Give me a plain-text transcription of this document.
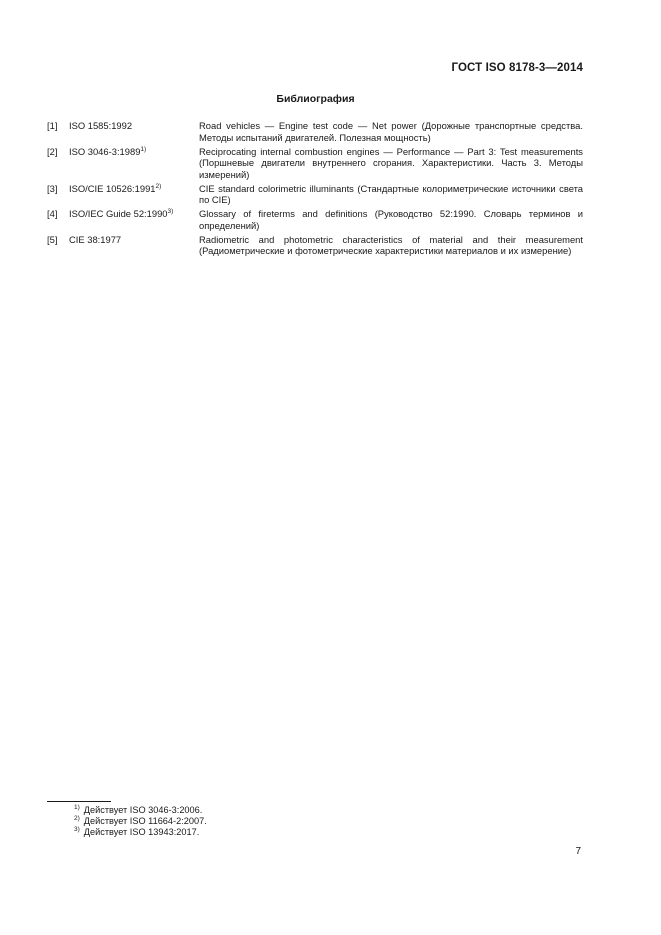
ГОСТ ISO 8178-3—2014
Библиография
[1] ISO 1585:1992	Road vehicles — Engine test code — Net power (Дорожные транспортные средства. Методы испытаний двигателей. Полезная мощность)
[2] ISO 3046-3:1989$^{1)}$	Reciprocating internal combustion engines — Performance — Part 3: Test measurements (Поршневые двигатели внутреннего сгорания. Характеристики. Часть 3. Методы измерений)
[3] ISO/CIE 10526:1991$^{2)}$	CIE standard colorimetric illuminants (Стандартные колориметрические источники света по CIE)
[4] ISO/IEC Guide 52:1990$^{3)}$	Glossary of fireterms and definitions (Руководство 52:1990. Словарь терминов и определений)
[5] CIE 38:1977	Radiometric and photometric characteristics of material and their measurement (Радиометрические и фотометрические характеристики материалов и их измерение)
$^{1)}$ Действует ISO 3046-3:2006.
$^{2)}$ Действует ISO 11664-2:2007.
$^{3)}$ Действует ISO 13943:2017.
7
